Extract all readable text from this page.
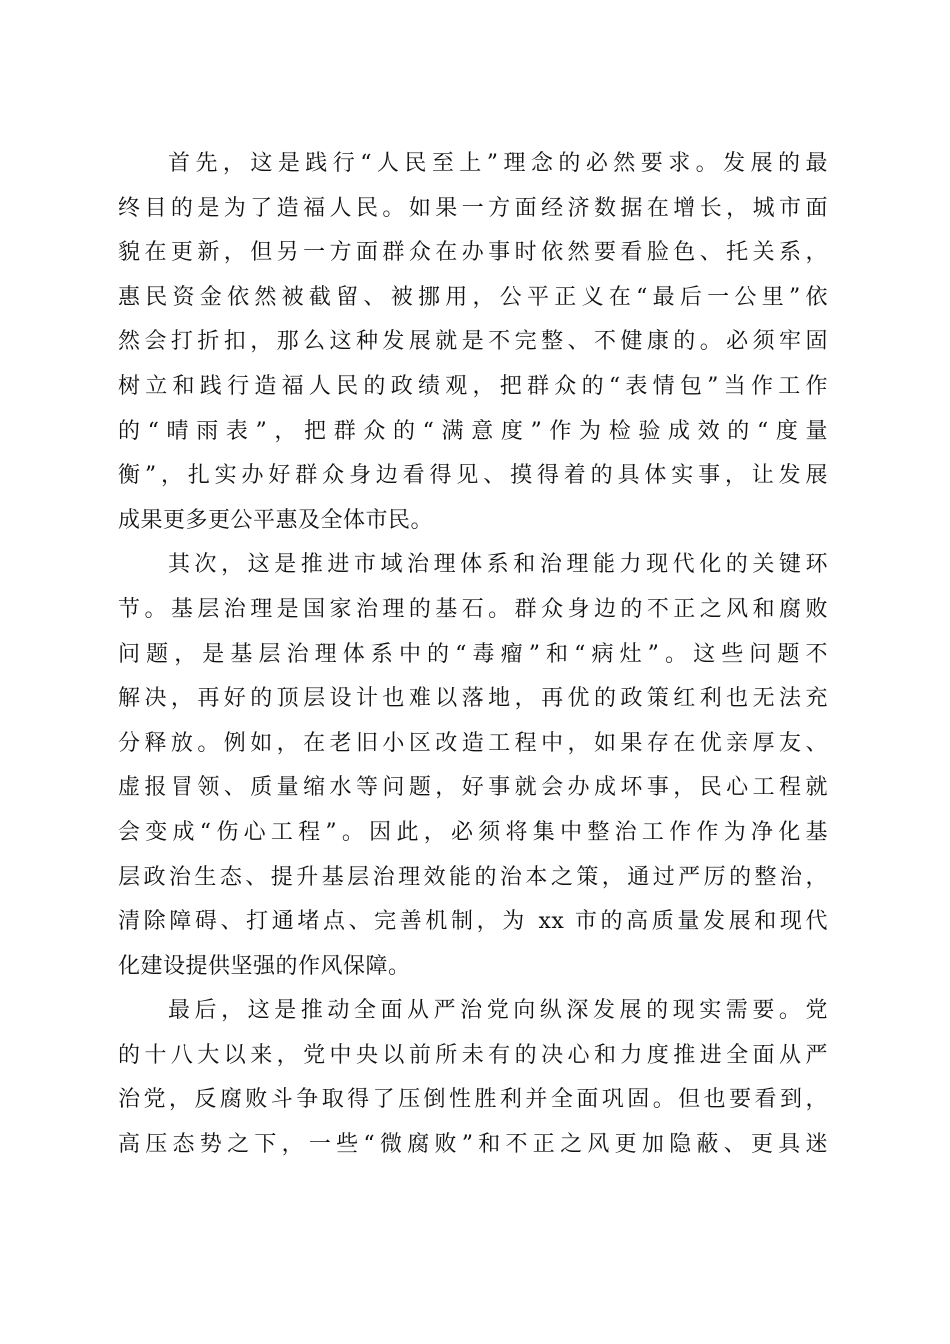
首先，这是践行“人民至上”理念的必然要求。发展的最
终目的是为了造福人民。如果一方面经济数据在增长，城市面
貌在更新，但另一方面群众在办事时依然要看脸色、托关系，
惠民资金依然被截留、被挪用，公平正义在“最后一公里”依
然会打折扣，那么这种发展就是不完整、不健康的。必须牢固
树立和践行造福人民的政绩观，把群众的“表情包”当作工作
的“晴雨表”，把群众的“满意度”作为检验成效的“度量
衡”，扎实办好群众身边看得见、摸得着的具体实事，让发展
成果更多更公平惠及全体市民。
其次，这是推进市域治理体系和治理能力现代化的关键环
节。基层治理是国家治理的基石。群众身边的不正之风和腐败
问题，是基层治理体系中的“毒瘤”和“病灶”。这些问题不
解决，再好的顶层设计也难以落地，再优的政策红利也无法充
分释放。例如，在老旧小区改造工程中，如果存在优亲厚友、
虚报冒领、质量缩水等问题，好事就会办成坏事，民心工程就
会变成“伤心工程”。因此，必须将集中整治工作作为净化基
层政治生态、提升基层治理效能的治本之策，通过严厉的整治，
清除障碍、打通堵点、完善机制，为 xx 市的高质量发展和现代
化建设提供坚强的作风保障。
最后，这是推动全面从严治党向纵深发展的现实需要。党
的十八大以来，党中央以前所未有的决心和力度推进全面从严
治党，反腐败斗争取得了压倒性胜利并全面巩固。但也要看到，
高压态势之下，一些“微腐败”和不正之风更加隐蔽、更具迷
